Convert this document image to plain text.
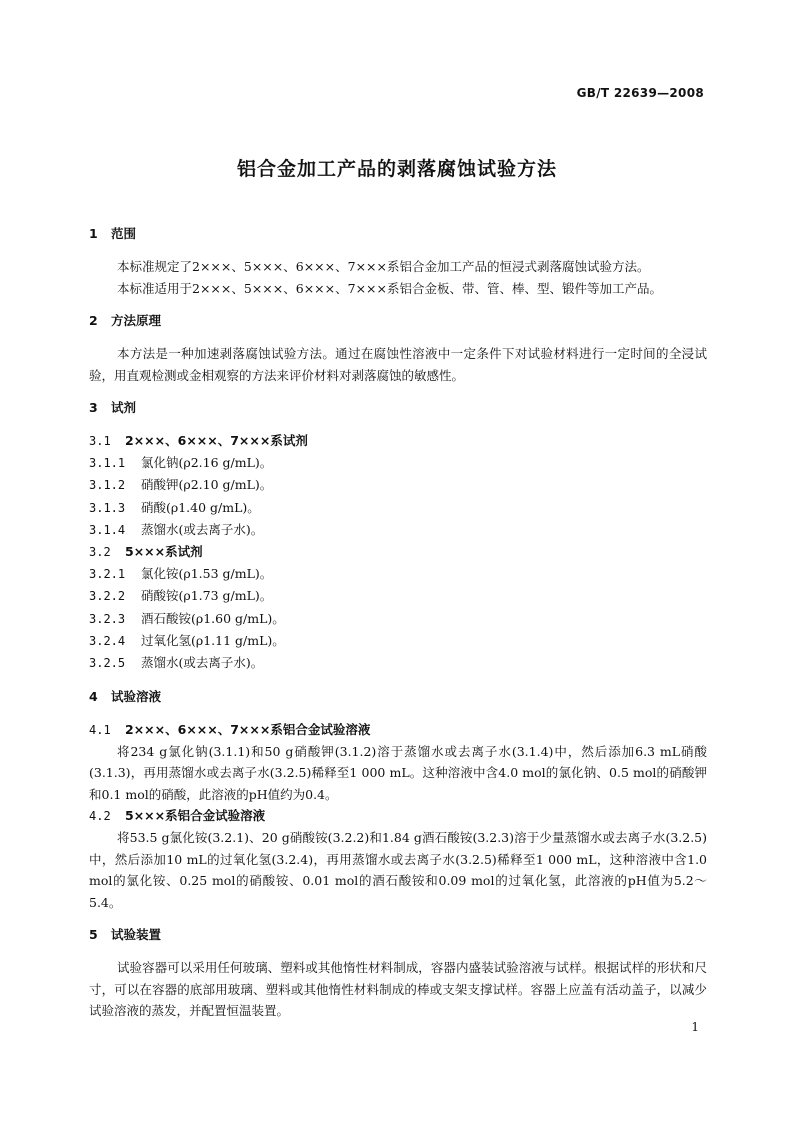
GB/T 22639—2008
铝合金加工产品的剥落腐蚀试验方法

1 范围

本标准规定了2×××、5×××、6×××、7×××系铝合金加工产品的恒浸式剥落腐蚀试验方法。

本标准适用于2×××、5×××、6×××、7×××系铝合金板、带、管、棒、型、锻件等加工产品。

2 方法原理

本方法是一种加速剥落腐蚀试验方法。通过在腐蚀性溶液中一定条件下对试验材料进行一定时间的全浸试验，用直观检测或金相观察的方法来评价材料对剥落腐蚀的敏感性。

3 试剂

3.1 2×××、6×××、7×××系试剂

3.1.1 氯化钠(ρ2.16 g/mL)。

3.1.2 硝酸钾(ρ2.10 g/mL)。

3.1.3 硝酸(ρ1.40 g/mL)。

3.1.4 蒸馏水(或去离子水)。

3.2 5×××系试剂

3.2.1 氯化铵(ρ1.53 g/mL)。

3.2.2 硝酸铵(ρ1.73 g/mL)。

3.2.3 酒石酸铵(ρ1.60 g/mL)。

3.2.4 过氧化氢(ρ1.11 g/mL)。

3.2.5 蒸馏水(或去离子水)。

4 试验溶液

4.1 2×××、6×××、7×××系铝合金试验溶液

将234 g氯化钠(3.1.1)和50 g硝酸钾(3.1.2)溶于蒸馏水或去离子水(3.1.4)中，然后添加6.3 mL硝酸(3.1.3)，再用蒸馏水或去离子水(3.2.5)稀释至1 000 mL。这种溶液中含4.0 mol的氯化钠、0.5 mol的硝酸钾和0.1 mol的硝酸，此溶液的pH值约为0.4。

4.2 5×××系铝合金试验溶液

将53.5 g氯化铵(3.2.1)、20 g硝酸铵(3.2.2)和1.84 g酒石酸铵(3.2.3)溶于少量蒸馏水或去离子水(3.2.5)中，然后添加10 mL的过氧化氢(3.2.4)，再用蒸馏水或去离子水(3.2.5)稀释至1 000 mL，这种溶液中含1.0 mol的氯化铵、0.25 mol的硝酸铵、0.01 mol的酒石酸铵和0.09 mol的过氧化氢，此溶液的pH值为5.2～5.4。

5 试验装置

试验容器可以采用任何玻璃、塑料或其他惰性材料制成，容器内盛装试验溶液与试样。根据试样的形状和尺寸，可以在容器的底部用玻璃、塑料或其他惰性材料制成的棒或支架支撑试样。容器上应盖有活动盖子，以减少试验溶液的蒸发，并配置恒温装置。

1
